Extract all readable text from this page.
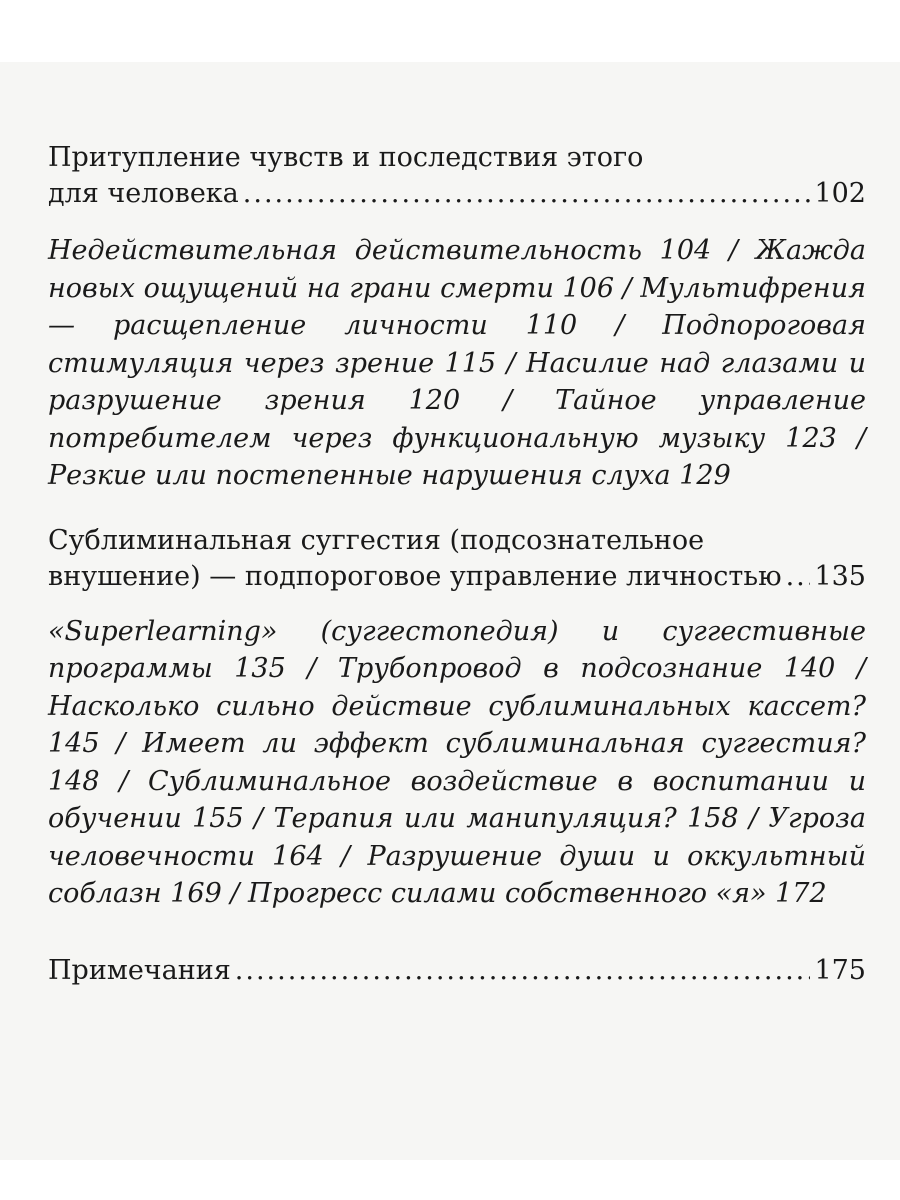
Притупление чувств и последствия этого
для человека .....	102

Недействительная действительность 104 / Жажда новых ощущений на грани смерти 106 / Мультифрения — расщепление личности 110 / Подпороговая стимуляция через зрение 115 / Насилие над глазами и разрушение зрения 120 / Тайное управление потребителем через функциональную музыку 123 / Резкие или постепенные нарушения слуха 129

Сублиминальная суггестия (подсознательное
внушение) — подпороговое управление личностью ..... 135

«Superlearning» (суггестопедия) и суггестивные программы 135 / Трубопровод в подсознание 140 / Насколько сильно действие сублиминальных кассет? 145 / Имеет ли эффект сублиминальная суггестия? 148 / Сублиминальное воздействие в воспитании и обучении 155 / Терапия или манипуляция? 158 / Угроза человечности 164 / Разрушение души и оккультный соблазн 169 / Прогресс силами собственного «я» 172

Примечания .....	175
